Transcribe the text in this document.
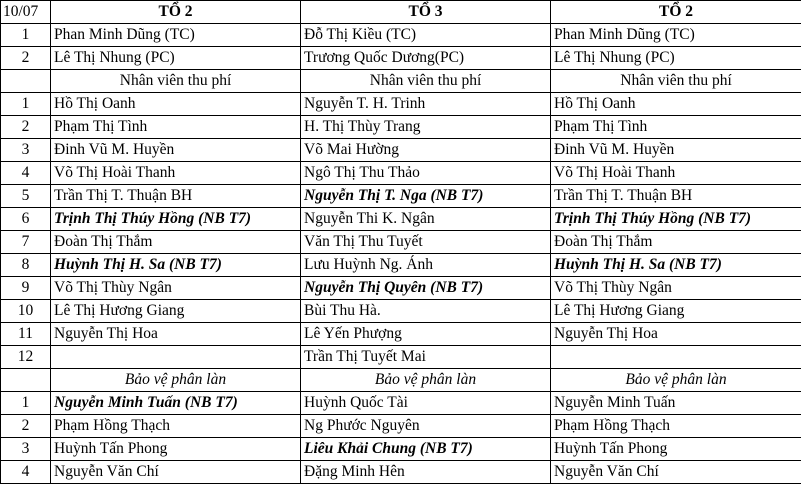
10/07	TỔ 2	TỔ 3	TỔ 2
1	Phan Minh Dũng (TC)	Đỗ Thị Kiều (TC)	Phan Minh Dũng (TC)
2	Lê Thị Nhung (PC)	Trương Quốc Dương(PC)	Lê Thị Nhung (PC)
	Nhân viên thu phí	Nhân viên thu phí	Nhân viên thu phí
1	Hồ Thị Oanh	Nguyễn T. H. Trinh	Hồ Thị Oanh
2	Phạm Thị Tình	H. Thị Thùy Trang	Phạm Thị Tình
3	Đinh Vũ M. Huyền	Võ Mai Hường	Đinh Vũ M. Huyền
4	Võ Thị Hoài Thanh	Ngô Thị Thu Thảo	Võ Thị Hoài Thanh
5	Trần Thị T. Thuận BH	Nguyễn Thị T. Nga (NB T7)	Trần Thị T. Thuận BH
6	Trịnh Thị Thúy Hồng (NB T7)	Nguyễn Thi K. Ngân	Trịnh Thị Thúy Hồng (NB T7)
7	Đoàn Thị Thắm	Văn Thị Thu Tuyết	Đoàn Thị Thắm
8	Huỳnh Thị H. Sa (NB T7)	Lưu Huỳnh Ng. Ánh	Huỳnh Thị H. Sa (NB T7)
9	Võ Thị Thùy Ngân	Nguyễn Thị Quyên (NB T7)	Võ Thị Thùy Ngân
10	Lê Thị Hương Giang	Bùi Thu Hà.	Lê Thị Hương Giang
11	Nguyễn Thị Hoa	Lê Yến Phượng	Nguyễn Thị Hoa
12		Trần Thị Tuyết Mai	
	Bảo vệ phân làn	Bảo vệ phân làn	Bảo vệ phân làn
1	Nguyễn Minh Tuấn (NB T7)	Huỳnh Quốc Tài	Nguyễn Minh Tuấn
2	Phạm Hồng Thạch	Ng Phước Nguyên	Phạm Hồng Thạch
3	Huỳnh Tấn Phong	Liêu Khải Chung (NB T7)	Huỳnh Tấn Phong
4	Nguyễn Văn Chí	Đặng Minh Hên	Nguyễn Văn Chí
